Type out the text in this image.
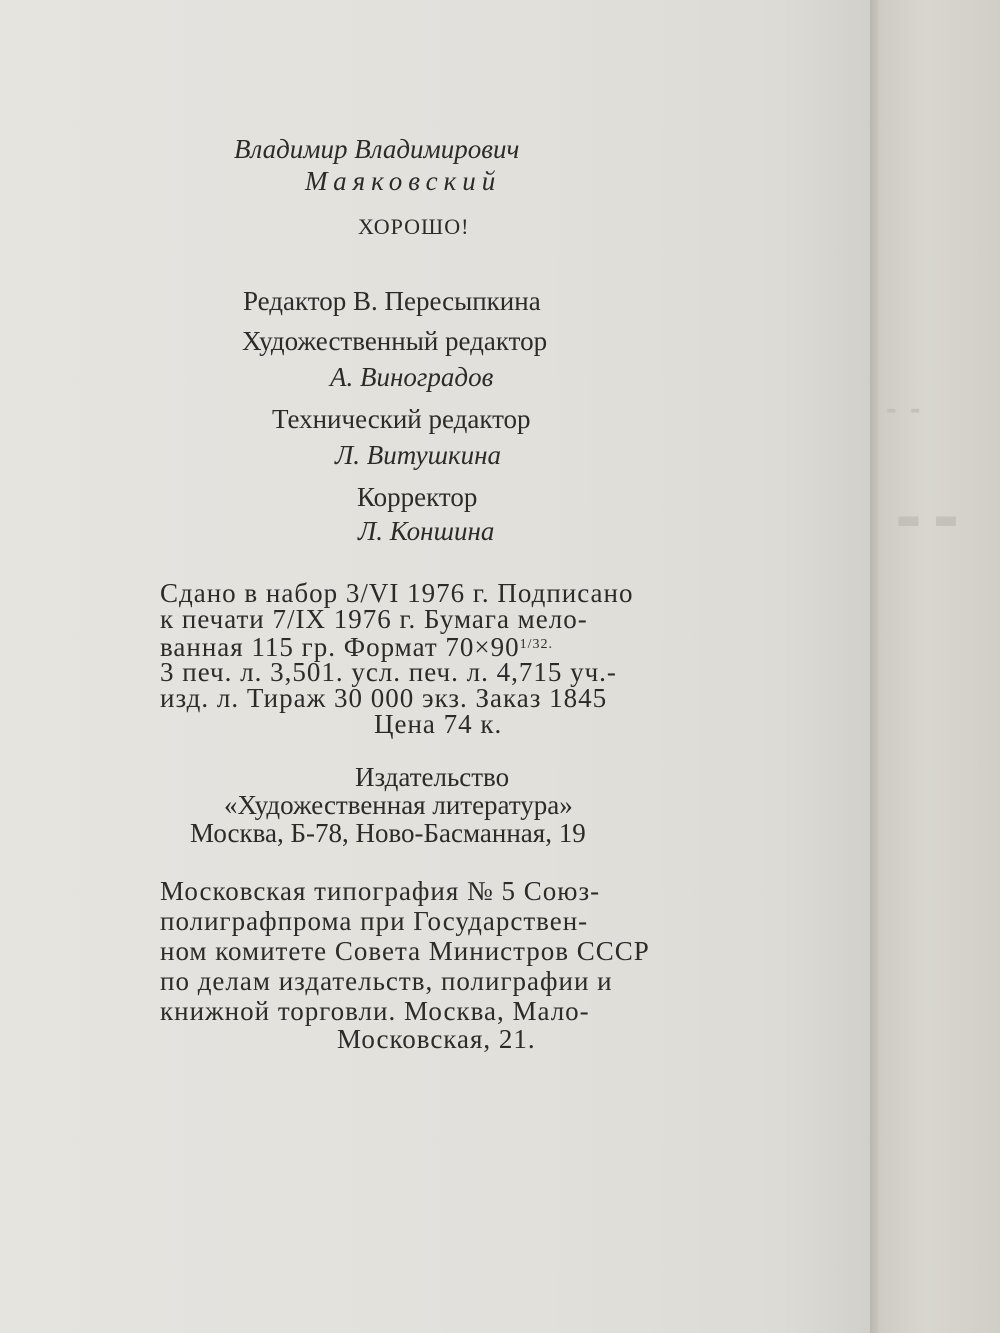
‐ ‐
▬ ▬

Владимир Владимирович

Маяковский

ХОРОШО!

Редактор В. Пересыпкина

Художественный редактор

А. Виноградов

Технический редактор

Л. Витушкина

Корректор

Л. Коншина

Сдано в набор 3/VI 1976 г. Подписано

к печати 7/IX 1976 г. Бумага мело-

ванная 115 гр. Формат $70\times 90^{1/32.}$

3 печ. л. 3,501. усл. печ. л. 4,715 уч.-

изд. л. Тираж 30 000 экз. Заказ 1845

Цена 74 к.

Издательство

«Художественная литература»

Москва, Б-78, Ново-Басманная, 19

Московская типография № 5 Союз-

полиграфпрома при Государствен-

ном комитете Совета Министров СССР

по делам издательств, полиграфии и

книжной торговли. Москва, Мало-

Московская, 21.
